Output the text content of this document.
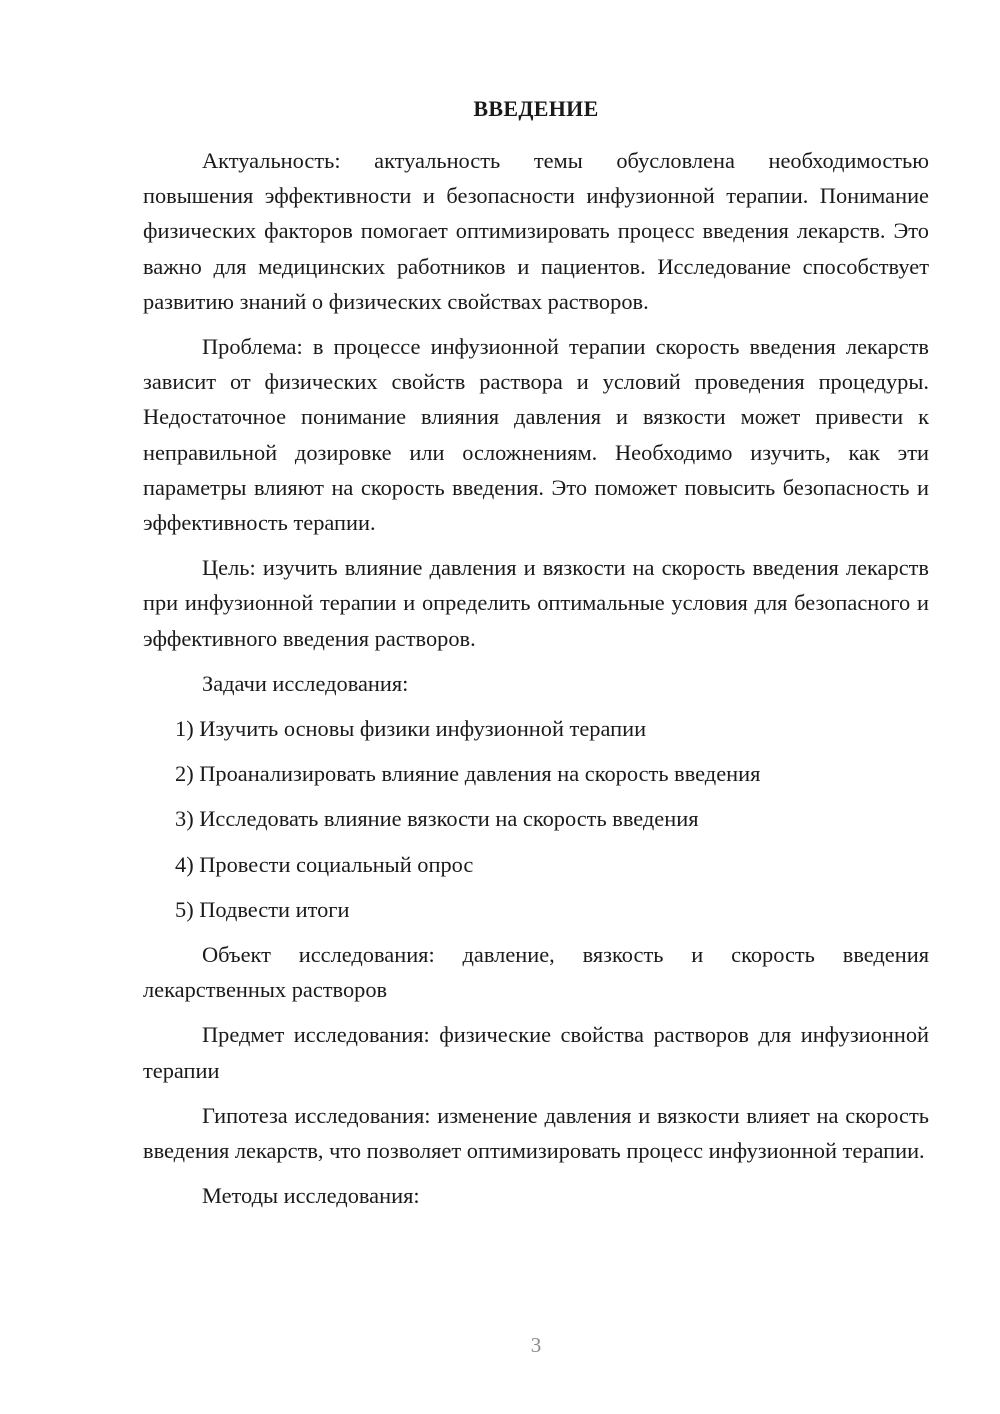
ВВЕДЕНИЕ

Актуальность: актуальность темы обусловлена необходимостью повышения эффективности и безопасности инфузионной терапии. Понимание физических факторов помогает оптимизировать процесс введения лекарств. Это важно для медицинских работников и пациентов. Исследование способствует развитию знаний о физических свойствах растворов.

Проблема: в процессе инфузионной терапии скорость введения лекарств зависит от физических свойств раствора и условий проведения процедуры. Недостаточное понимание влияния давления и вязкости может привести к неправильной дозировке или осложнениям. Необходимо изучить, как эти параметры влияют на скорость введения. Это поможет повысить безопасность и эффективность терапии.

Цель: изучить влияние давления и вязкости на скорость введения лекарств при инфузионной терапии и определить оптимальные условия для безопасного и эффективного введения растворов.

Задачи исследования:

1) Изучить основы физики инфузионной терапии

2) Проанализировать влияние давления на скорость введения

3) Исследовать влияние вязкости на скорость введения

4) Провести социальный опрос

5) Подвести итоги

Объект исследования: давление, вязкость и скорость введения лекарственных растворов

Предмет исследования: физические свойства растворов для инфузионной терапии

Гипотеза исследования: изменение давления и вязкости влияет на скорость введения лекарств, что позволяет оптимизировать процесс инфузионной терапии.

Методы исследования:

3
